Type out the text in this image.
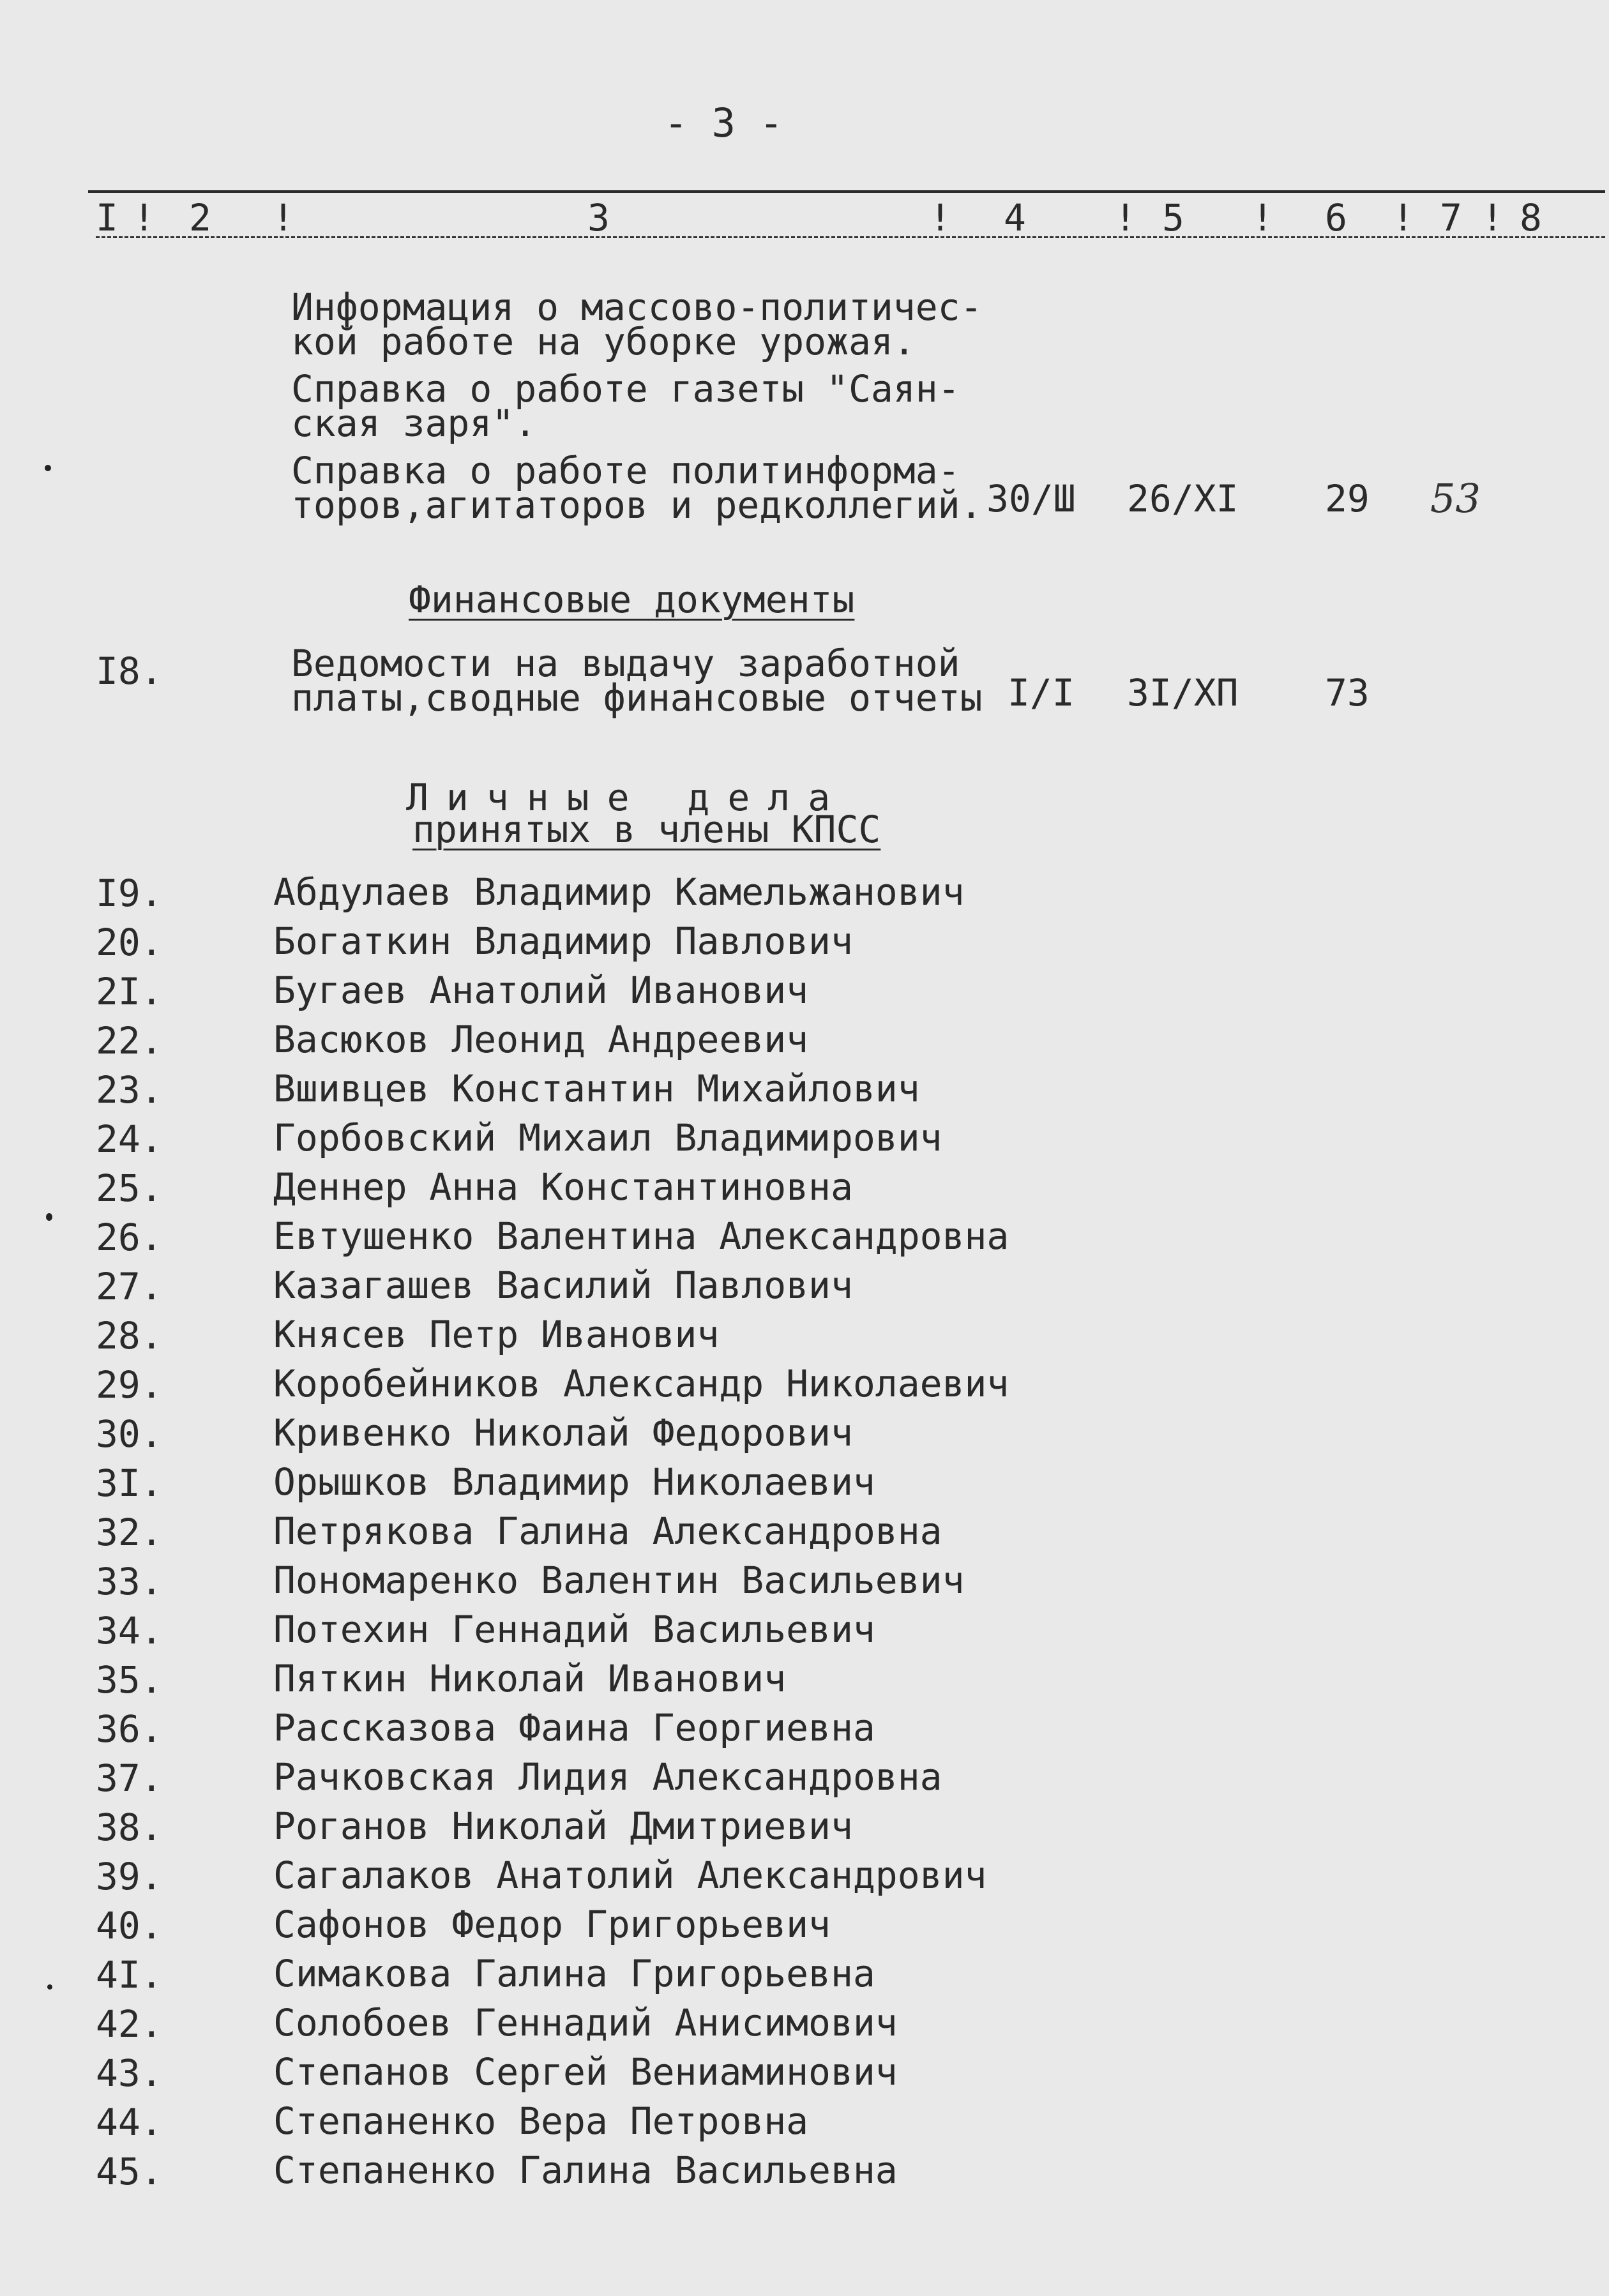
- 3 -
I ! 2 !	3	! 4 ! 5 ! 6 ! 7 ! 8
Информация о массово-политичес-
кой работе на уборке урожая.
Справка о работе газеты "Саян-
ская заря".
Справка о работе политинформа-
торов,агитаторов и редколлегий. 30/Ш 26/XI 29 53
Финансовые документы
I8.	Ведомости на выдачу заработной
платы,сводные финансовые отчеты I/I 3I/XП 73
Личные дела
принятых в члены КПСС
I9.	Абдулаев Владимир Камельжанович
20.	Богаткин Владимир Павлович
2I.	Бугаев Анатолий Иванович
22.	Васюков Леонид Андреевич
23.	Вшивцев Константин Михайлович
24.	Горбовский Михаил Владимирович
25.	Деннер Анна Константиновна
26.	Евтушенко Валентина Александровна
27.	Казагашев Василий Павлович
28.	Княсев Петр Иванович
29.	Коробейников Александр Николаевич
30.	Кривенко Николай Федорович
3I.	Орышков Владимир Николаевич
32.	Петрякова Галина Александровна
33.	Пономаренко Валентин Васильевич
34.	Потехин Геннадий Васильевич
35.	Пяткин Николай Иванович
36.	Рассказова Фаина Георгиевна
37.	Рачковская Лидия Александровна
38.	Роганов Николай Дмитриевич
39.	Сагалаков Анатолий Александрович
40.	Сафонов Федор Григорьевич
4I.	Симакова Галина Григорьевна
42.	Солобоев Геннадий Анисимович
43.	Степанов Сергей Вениаминович
44.	Степаненко Вера Петровна
45.	Степаненко Галина Васильевна
